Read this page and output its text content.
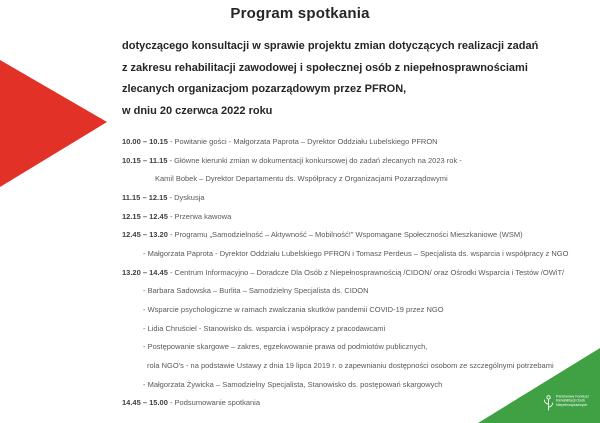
Program spotkania
dotyczącego konsultacji w sprawie projektu zmian dotyczących realizacji zadań
z zakresu rehabilitacji zawodowej i społecznej osób z niepełnosprawnościami
zlecanych organizacjom pozarządowym przez PFRON,
w dniu 20 czerwca 2022 roku
10.00 – 10.15 - Powitanie gości - Małgorzata Paprota – Dyrektor Oddziału Lubelskiego PFRON
10.15 – 11.15 - Główne kierunki zmian w dokumentacji konkursowej do zadań zlecanych na 2023 rok -
Kamil Bobek – Dyrektor Departamentu ds. Współpracy z Organizacjami Pozarządowymi
11.15 – 12.15 - Dyskusja
12.15 – 12.45 - Przerwa kawowa
12.45 – 13.20 - Programu „Samodzielność – Aktywność – Mobilność!” Wspomagane Społeczności Mieszkaniowe (WSM)
- Małgorzata Paprota - Dyrektor Oddziału Lubelskiego PFRON i Tomasz Perdeus – Specjalista ds. wsparcia i współpracy z NGO
13.20 – 14.45 - Centrum Informacyjno – Doradcze Dla Osób z Niepełnosprawnością /CIDON/ oraz Ośrodki Wsparcia i Testów /OWiT/
- Barbara Sadowska – Burlita – Samodzielny Specjalista ds. CIDON
- Wsparcie psychologiczne w ramach zwalczania skutków pandemii COVID-19 przez NGO
- Lidia Chruściel - Stanowisko ds. wsparcia i współpracy z pracodawcami
- Postępowanie skargowe – zakres, egzekwowanie prawa od podmiotów publicznych,
rola NGO's - na podstawie Ustawy z dnia 19 lipca 2019 r. o zapewnianiu dostępności osobom ze szczególnymi potrzebami
- Małgorzata Żywicka – Samodzielny Specjalista, Stanowisko ds. postępowań skargowych
14.45 – 15.00 - Podsumowanie spotkania
Państwowy Fundusz
Rehabilitacji Osób
Niepełnosprawnych
